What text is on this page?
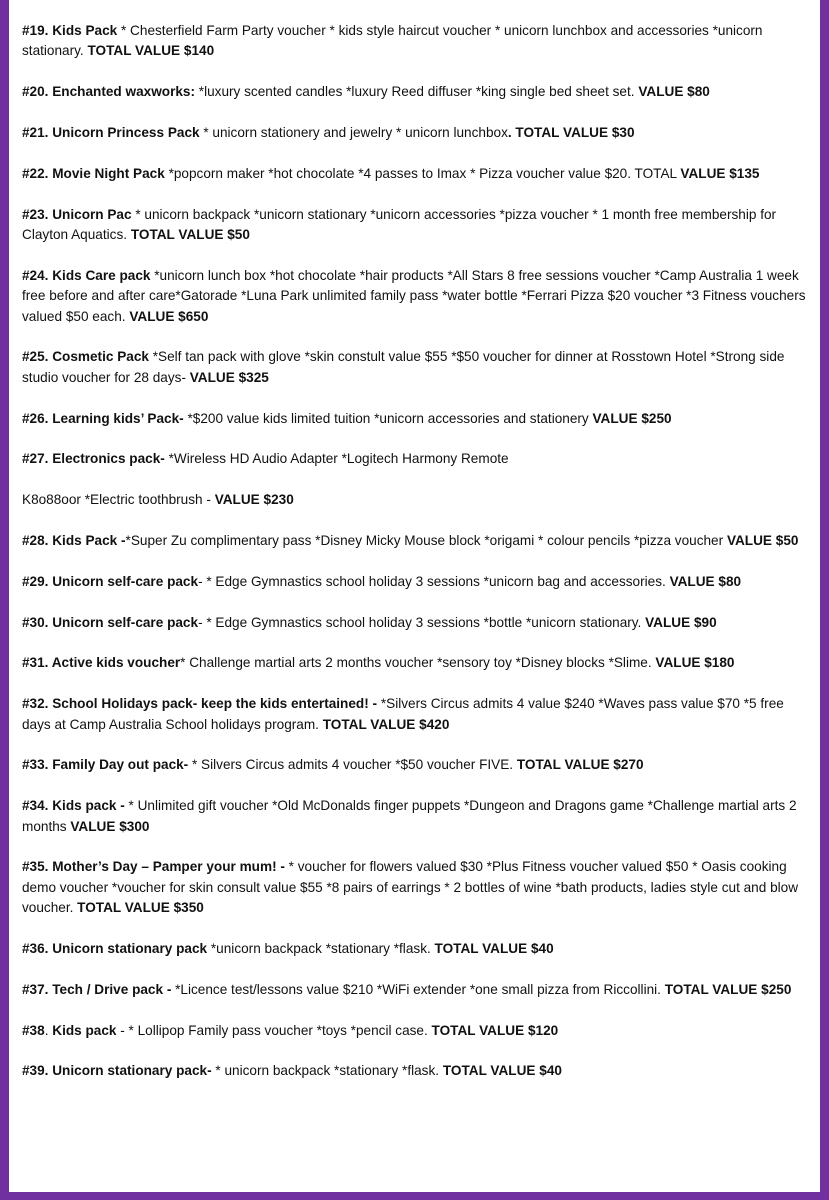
#19. Kids Pack * Chesterfield Farm Party voucher * kids style haircut voucher * unicorn lunchbox and accessories *unicorn stationary. TOTAL VALUE $140

#20. Enchanted waxworks: *luxury scented candles *luxury Reed diffuser *king single bed sheet set. VALUE $80

#21. Unicorn Princess Pack * unicorn stationery and jewelry * unicorn lunchbox. TOTAL VALUE $30

#22. Movie Night Pack *popcorn maker *hot chocolate *4 passes to Imax * Pizza voucher value $20. TOTAL VALUE $135

#23. Unicorn Pac * unicorn backpack *unicorn stationary *unicorn accessories *pizza voucher * 1 month free membership for Clayton Aquatics. TOTAL VALUE $50

#24. Kids Care pack *unicorn lunch box *hot chocolate *hair products *All Stars 8 free sessions voucher *Camp Australia 1 week free before and after care*Gatorade *Luna Park unlimited family pass *water bottle *Ferrari Pizza $20 voucher *3 Fitness vouchers valued $50 each. VALUE $650

#25. Cosmetic Pack *Self tan pack with glove *skin constult value $55 *$50 voucher for dinner at Rosstown Hotel *Strong side studio voucher for 28 days- VALUE $325

#26. Learning kids’ Pack- *$200 value kids limited tuition *unicorn accessories and stationery VALUE $250

#27. Electronics pack- *Wireless HD Audio Adapter *Logitech Harmony Remote

K8o88oor *Electric toothbrush - VALUE $230

#28. Kids Pack -*Super Zu complimentary pass *Disney Micky Mouse block *origami * colour pencils *pizza voucher VALUE $50

#29. Unicorn self-care pack- * Edge Gymnastics school holiday 3 sessions *unicorn bag and accessories. VALUE $80

#30. Unicorn self-care pack- * Edge Gymnastics school holiday 3 sessions *bottle *unicorn stationary. VALUE $90

#31. Active kids voucher* Challenge martial arts 2 months voucher *sensory toy *Disney blocks *Slime. VALUE $180

#32. School Holidays pack- keep the kids entertained! - *Silvers Circus admits 4 value $240 *Waves pass value $70 *5 free days at Camp Australia School holidays program. TOTAL VALUE $420

#33. Family Day out pack- * Silvers Circus admits 4 voucher *$50 voucher FIVE. TOTAL VALUE $270

#34. Kids pack - * Unlimited gift voucher *Old McDonalds finger puppets *Dungeon and Dragons game *Challenge martial arts 2 months VALUE $300

#35. Mother’s Day – Pamper your mum! - * voucher for flowers valued $30 *Plus Fitness voucher valued $50 * Oasis cooking demo voucher *voucher for skin consult value $55 *8 pairs of earrings * 2 bottles of wine *bath products, ladies style cut and blow voucher. TOTAL VALUE $350

#36. Unicorn stationary pack *unicorn backpack *stationary *flask. TOTAL VALUE $40

#37. Tech / Drive pack - *Licence test/lessons value $210 *WiFi extender *one small pizza from Riccollini. TOTAL VALUE $250

#38. Kids pack - * Lollipop Family pass voucher *toys *pencil case. TOTAL VALUE $120

#39. Unicorn stationary pack- * unicorn backpack *stationary *flask. TOTAL VALUE $40
